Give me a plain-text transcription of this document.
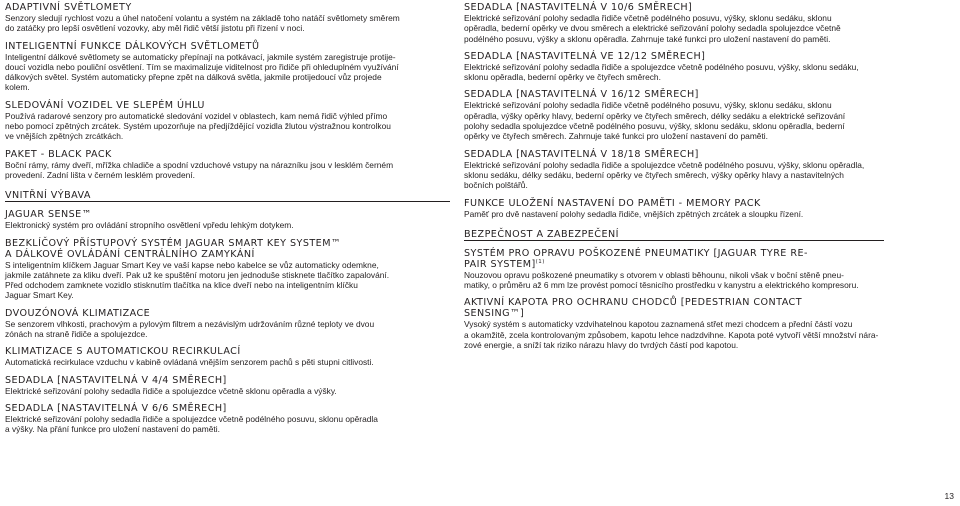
ADAPTIVNÍ SVĚTLOMETY

Senzory sledují rychlost vozu a úhel natočení volantu a systém na základě toho natáčí světlomety směrem
do zatáčky pro lepší osvětlení vozovky, aby měl řidič větší jistotu při řízení v noci.

INTELIGENTNÍ FUNKCE DÁLKOVÝCH SVĚTLOMETŮ

Inteligentní dálkové světlomety se automaticky přepínají na potkávací, jakmile systém zaregistruje protije-
doucí vozidla nebo pouliční osvětlení. Tím se maximalizuje viditelnost pro řidiče při ohleduplném využívání
dálkových světel. Systém automaticky přepne zpět na dálková světla, jakmile protijedoucí vůz projede
kolem.

SLEDOVÁNÍ VOZIDEL VE SLEPÉM ÚHLU

Používá radarové senzory pro automatické sledování vozidel v oblastech, kam nemá řidič výhled přímo
nebo pomocí zpětných zrcátek. Systém upozorňuje na předjíždějící vozidla žlutou výstražnou kontrolkou
ve vnějších zpětných zrcátkách.

PAKET - BLACK PACK

Boční rámy, rámy dveří, mřížka chladiče a spodní vzduchové vstupy na nárazníku jsou v lesklém černém
provedení. Zadní lišta v černém lesklém provedení.

VNITŘNÍ VÝBAVA
JAGUAR SENSE™

Elektronický systém pro ovládání stropního osvětlení vpředu lehkým dotykem.

BEZKLÍČOVÝ PŘÍSTUPOVÝ SYSTÉM JAGUAR SMART KEY SYSTEM™
A DÁLKOVÉ OVLÁDÁNÍ CENTRÁLNÍHO ZAMYKÁNÍ

S inteligentním klíčkem Jaguar Smart Key ve vaší kapse nebo kabelce se vůz automaticky odemkne,
jakmile zatáhnete za kliku dveří. Pak už ke spuštění motoru jen jednoduše stisknete tlačítko zapalování.
Před odchodem zamknete vozidlo stisknutím tlačítka na klice dveří nebo na inteligentním klíčku
Jaguar Smart Key.

DVOUZÓNOVÁ KLIMATIZACE

Se senzorem vlhkosti, prachovým a pylovým filtrem a nezávislým udržováním různé teploty ve dvou
zónách na straně řidiče a spolujezdce.

KLIMATIZACE S AUTOMATICKOU RECIRKULACÍ

Automatická recirkulace vzduchu v kabině ovládaná vnějším senzorem pachů s pěti stupni citlivosti.

SEDADLA [NASTAVITELNÁ V 4/4 SMĚRECH]

Elektrické seřizování polohy sedadla řidiče a spolujezdce včetně sklonu opěradla a výšky.

SEDADLA [NASTAVITELNÁ V 6/6 SMĚRECH]

Elektrické seřizování polohy sedadla řidiče a spolujezdce včetně podélného posuvu, sklonu opěradla
a výšky. Na přání funkce pro uložení nastavení do paměti.

SEDADLA [NASTAVITELNÁ V 10/6 SMĚRECH]

Elektrické seřizování polohy sedadla řidiče včetně podélného posuvu, výšky, sklonu sedáku, sklonu
opěradla, bederní opěrky ve dvou směrech a elektrické seřizování polohy sedadla spolujezdce včetně
podélného posuvu, výšky a sklonu opěradla. Zahrnuje také funkci pro uložení nastavení do paměti.

SEDADLA [NASTAVITELNÁ VE 12/12 SMĚRECH]

Elektrické seřizování polohy sedadla řidiče a spolujezdce včetně podélného posuvu, výšky, sklonu sedáku,
sklonu opěradla, bederní opěrky ve čtyřech směrech.

SEDADLA [NASTAVITELNÁ V 16/12 SMĚRECH]

Elektrické seřizování polohy sedadla řidiče včetně podélného posuvu, výšky, sklonu sedáku, sklonu
opěradla, výšky opěrky hlavy, bederní opěrky ve čtyřech směrech, délky sedáku a elektrické seřizování
polohy sedadla spolujezdce včetně podélného posuvu, výšky, sklonu sedáku, sklonu opěradla, bederní
opěrky ve čtyřech směrech. Zahrnuje také funkci pro uložení nastavení do paměti.

SEDADLA [NASTAVITELNÁ V 18/18 SMĚRECH]

Elektrické seřizování polohy sedadla řidiče a spolujezdce včetně podélného posuvu, výšky, sklonu opěradla,
sklonu sedáku, délky sedáku, bederní opěrky ve čtyřech směrech, výšky opěrky hlavy a nastavitelných
bočních polštářů.

FUNKCE ULOŽENÍ NASTAVENÍ DO PAMĚTI - MEMORY PACK

Paměť pro dvě nastavení polohy sedadla řidiče, vnějších zpětných zrcátek a sloupku řízení.

BEZPEČNOST A ZABEZPEČENÍ
SYSTÉM PRO OPRAVU POŠKOZENÉ PNEUMATIKY [JAGUAR TYRE RE-
PAIR SYSTEM]$^{(1)}$

Nouzovou opravu poškozené pneumatiky s otvorem v oblasti běhounu, nikoli však v boční stěně pneu-
matiky, o průměru až 6 mm lze provést pomocí těsnicího prostředku v kanystru a elektrického kompresoru.

AKTIVNÍ KAPOTA PRO OCHRANU CHODCŮ [PEDESTRIAN CONTACT
SENSING™]

Vysoký systém s automaticky vzdvihatelnou kapotou zaznamená střet mezi chodcem a přední částí vozu
a okamžitě, zcela kontrolovaným způsobem, kapotu lehce nadzdvihne. Kapota poté vytvoří větší množství nára-
zové energie, a sníží tak riziko nárazu hlavy do tvrdých částí pod kapotou.

13
